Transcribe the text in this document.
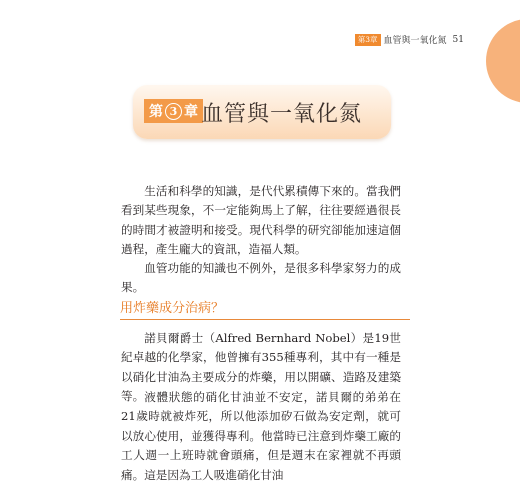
第3章 血管與一氧化氮 51
第 3 章 血管與一氧化氮

生活和科學的知識，是代代累積傳下來的。當我們看到某些現象，不一定能夠馬上了解，往往要經過很長的時間才被證明和接受。現代科學的研究卻能加速這個過程，產生龐大的資訊，造福人類。

血管功能的知識也不例外，是很多科學家努力的成果。

用炸藥成分治病？

諾貝爾爵士（Alfred Bernhard Nobel）是19世紀卓越的化學家，他曾擁有355種專利，其中有一種是以硝化甘油為主要成分的炸藥，用以開礦、造路及建築等。 液體狀態的硝化甘油並不安定，諾貝爾的弟弟在21歲時就被炸死，所以他添加矽石做為安定劑，就可以放心使用，並獲得專利。他當時已注意到炸藥工廠的工人週一上班時就會頭痛，但是週末在家裡就不再頭痛。這是因為工人吸進硝化甘油
